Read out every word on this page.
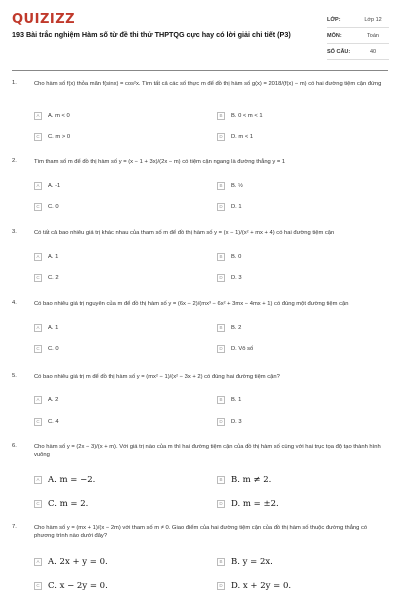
QUIZIZZ
193 Bài trắc nghiệm Hàm số từ đề thi thử THPTQG cực hay có lời giải chi tiết (P3)
LỚP:	Lớp 12
MÔN:	Toán
SỐ CÂU:	40
1.	Cho hàm số f(x) thỏa mãn f(sinx) = cos²x. Tìm tất cả các số thực m để đồ thị hàm số g(x) = 2018/(f(x) − m) có hai đường tiệm cận đứng
A	A. m < 0	B	B. 0 < m < 1
C	C. m > 0	D	D. m < 1
2.	Tìm tham số m để đồ thị hàm số y = (x − 1 + 3x)/(2x − m) có tiệm cận ngang là đường thẳng y = 1
A	A. -1	B	B. ½
C	C. 0	D	D. 1
3.	Có tất cả bao nhiêu giá trị khác nhau của tham số m để đồ thị hàm số y = (x − 1)/(x² + mx + 4) có hai đường tiệm cận
A	A. 1	B	B. 0
C	C. 2	D	D. 3
4.	Có bao nhiêu giá trị nguyên của m để đồ thị hàm số y = (6x − 2)/(mx³ − 6x² + 3mx − 4mx + 1) có đúng một đường tiệm cận
A	A. 1	B	B. 2
C	C. 0	D	D. Vô số
5.	Có bao nhiêu giá trị m để đồ thị hàm số y = (mx² − 1)/(x² − 3x + 2) có đúng hai đường tiệm cận?
A	A. 2	B	B. 1
C	C. 4	D	D. 3
6.	Cho hàm số y = (2x − 3)/(x + m). Với giá trị nào của m thì hai đường tiệm cận của đồ thị hàm số cùng với hai trục tọa độ tạo thành hình vuông
A A. m = −2.	B B. m ≠ 2.
C C. m = 2.	D D. m = ±2.
7.	Cho hàm số y = (mx + 1)/(x − 2m) với tham số m ≠ 0. Giao điểm của hai đường tiệm cận của đồ thị hàm số thuộc đường thẳng có phương trình nào dưới đây?
A A. 2x + y = 0.	B B. y = 2x.
C C. x − 2y = 0.	D D. x + 2y = 0.
